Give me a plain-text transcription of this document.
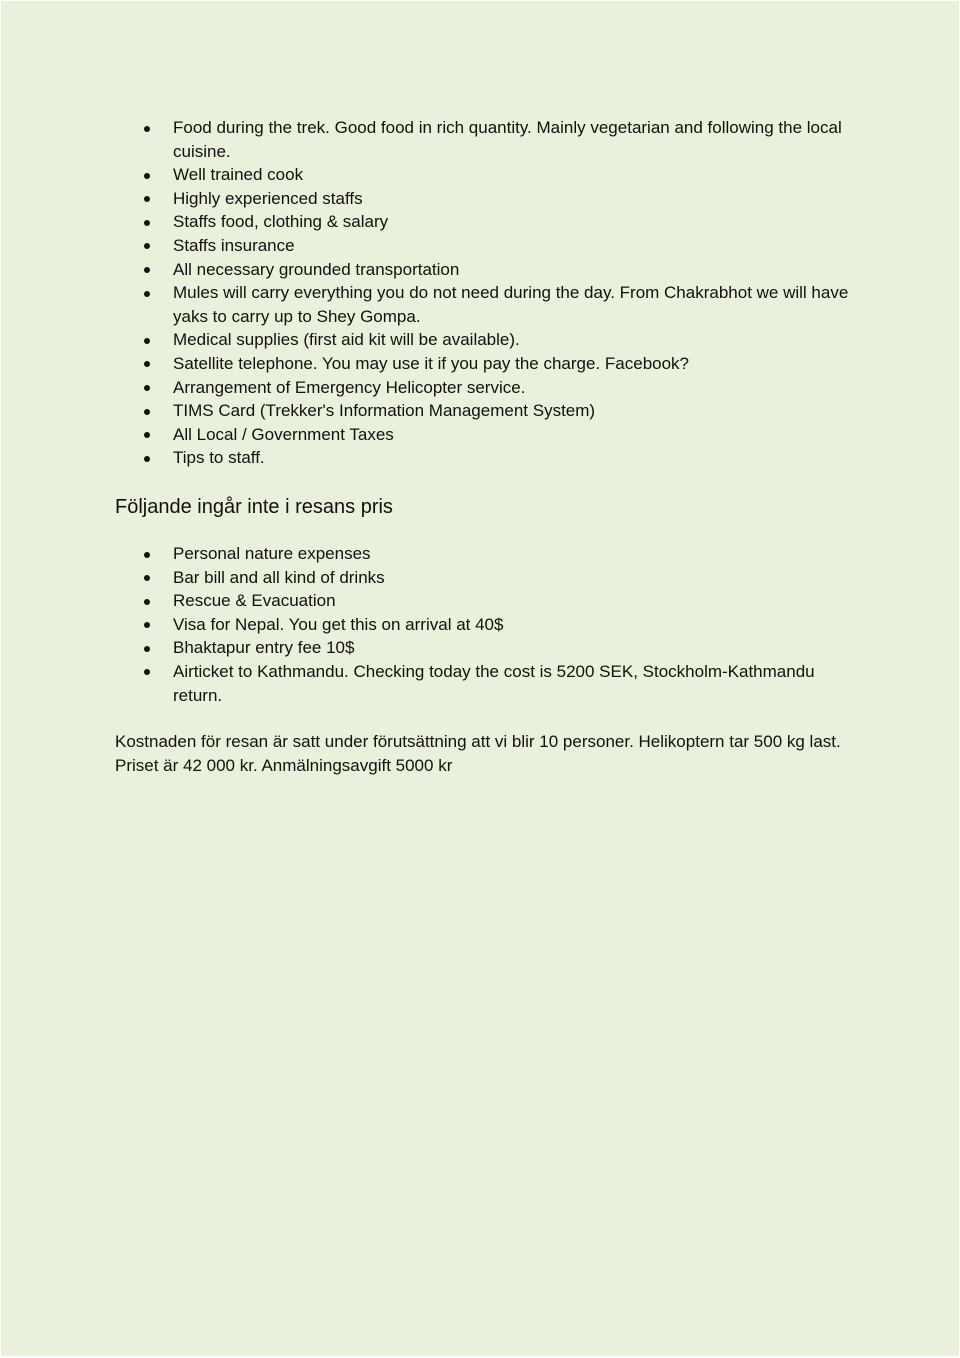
Food during the trek. Good food in rich quantity. Mainly vegetarian and following the local cuisine.
Well trained cook
Highly experienced staffs
Staffs food, clothing & salary
Staffs insurance
All necessary grounded transportation
Mules will carry everything you do not need during the day. From Chakrabhot we will have yaks to carry up to Shey Gompa.
Medical supplies (first aid kit will be available).
Satellite telephone. You may use it if you pay the charge. Facebook?
Arrangement of Emergency Helicopter service.
TIMS Card (Trekker's Information Management System)
All Local / Government Taxes
Tips to staff.
Följande ingår inte i resans pris
Personal nature expenses
Bar bill and all kind of drinks
Rescue & Evacuation
Visa for Nepal. You get this on arrival at 40$
Bhaktapur entry fee 10$
Airticket to Kathmandu. Checking today the cost is 5200 SEK, Stockholm-Kathmandu return.

Kostnaden för resan är satt under förutsättning att vi blir 10 personer. Helikoptern tar 500 kg last. Priset är 42 000 kr. Anmälningsavgift 5000 kr
